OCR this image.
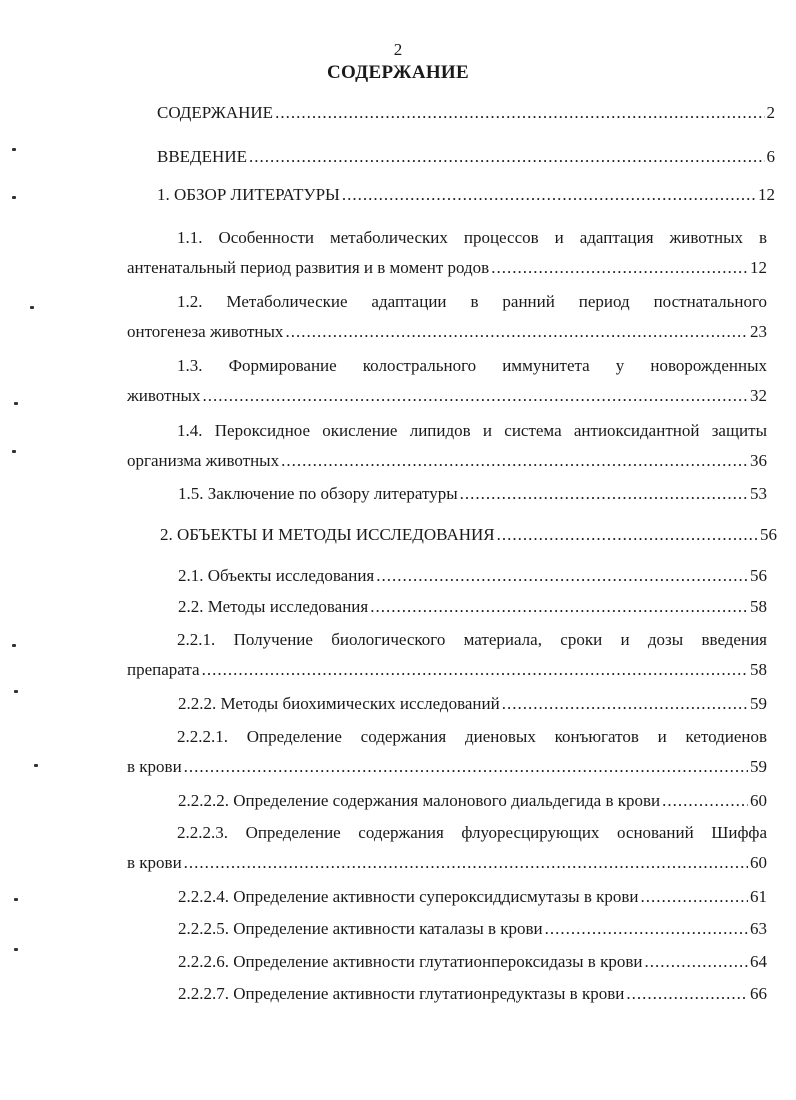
2
СОДЕРЖАНИЕ
СОДЕРЖАНИЕ .....	2
ВВЕДЕНИЕ .....	6
1. ОБЗОР ЛИТЕРАТУРЫ .....	12
1.1. Особенности метаболических процессов и адаптация животных в
антенатальный период развития и в момент родов .....	12
1.2. Метаболические адаптации в ранний период постнатального
онтогенеза животных .....	23
1.3. Формирование колострального иммунитета у новорожденных
животных .....	32
1.4. Пероксидное окисление липидов и система антиоксидантной защиты
организма животных .....	36
1.5. Заключение по обзору литературы .....	53
2. ОБЪЕКТЫ И МЕТОДЫ ИССЛЕДОВАНИЯ .....	56
2.1. Объекты исследования .....	56
2.2. Методы исследования .....	58
2.2.1. Получение биологического материала, сроки и дозы введения
препарата .....	58
2.2.2. Методы биохимических исследований .....	59
2.2.2.1. Определение содержания диеновых конъюгатов и кетодиенов
в крови .....	59
2.2.2.2. Определение содержания малонового диальдегида в крови .....	60
2.2.2.3. Определение содержания флуоресцирующих оснований Шиффа
в крови .....	60
2.2.2.4. Определение активности супероксиддисмутазы в крови .....	61
2.2.2.5. Определение активности каталазы в крови .....	63
2.2.2.6. Определение активности глутатионпероксидазы в крови .....	64
2.2.2.7. Определение активности глутатионредуктазы в крови .....	66
